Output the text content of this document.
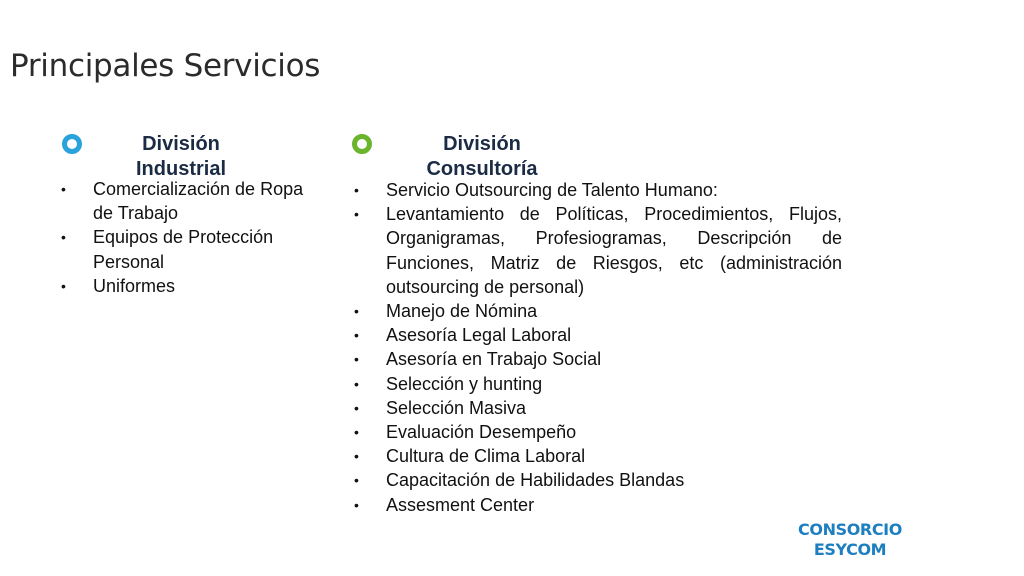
Principales Servicios
División
Industrial
División
Consultoría
• Comercialización de Ropa de Trabajo
• Equipos de Protección Personal
• Uniformes
• Servicio Outsourcing de Talento Humano:
• Levantamiento de Políticas, Procedimientos, Flujos, Organigramas, Profesiogramas, Descripción de Funciones, Matriz de Riesgos, etc (administración outsourcing de personal)
• Manejo de Nómina
• Asesoría Legal Laboral
• Asesoría en Trabajo Social
• Selección y hunting
• Selección Masiva
• Evaluación Desempeño
• Cultura de Clima Laboral
• Capacitación de Habilidades Blandas
• Assesment Center
CONSORCIO
ESYCOM
